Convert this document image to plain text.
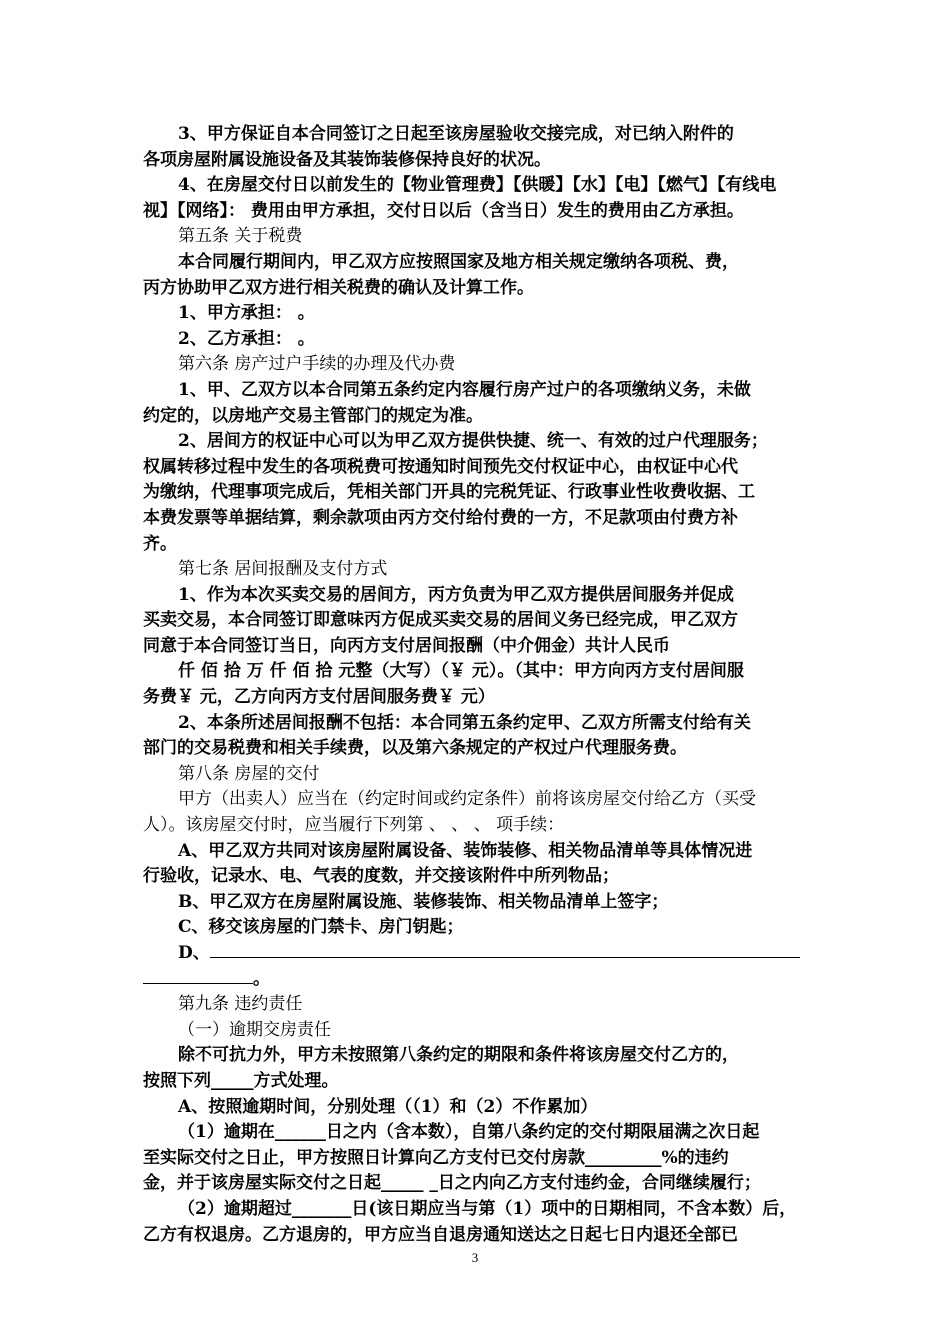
3、甲方保证自本合同签订之日起至该房屋验收交接完成，对已纳入附件的
各项房屋附属设施设备及其装饰装修保持良好的状况。
4、在房屋交付日以前发生的【物业管理费】【供暖】【水】【电】【燃气】【有线电
视】【网络】： 费用由甲方承担，交付日以后（含当日）发生的费用由乙方承担。
第五条 关于税费
本合同履行期间内，甲乙双方应按照国家及地方相关规定缴纳各项税、费，
丙方协助甲乙双方进行相关税费的确认及计算工作。
1、甲方承担： 。
2、乙方承担： 。
第六条 房产过户手续的办理及代办费
1、甲、乙双方以本合同第五条约定内容履行房产过户的各项缴纳义务，未做
约定的，以房地产交易主管部门的规定为准。
2、居间方的权证中心可以为甲乙双方提供快捷、统一、有效的过户代理服务；
权属转移过程中发生的各项税费可按通知时间预先交付权证中心，由权证中心代
为缴纳，代理事项完成后，凭相关部门开具的完税凭证、行政事业性收费收据、工
本费发票等单据结算，剩余款项由丙方交付给付费的一方，不足款项由付费方补
齐。
第七条 居间报酬及支付方式
1、作为本次买卖交易的居间方，丙方负责为甲乙双方提供居间服务并促成
买卖交易，本合同签订即意味丙方促成买卖交易的居间义务已经完成，甲乙双方
同意于本合同签订当日，向丙方支付居间报酬（中介佣金）共计人民币
仟 佰 拾 万 仟 佰 拾 元整（大写）（￥ 元）。（其中：甲方向丙方支付居间服
务费￥ 元，乙方向丙方支付居间服务费￥ 元）
2、本条所述居间报酬不包括：本合同第五条约定甲、乙双方所需支付给有关
部门的交易税费和相关手续费，以及第六条规定的产权过户代理服务费。
第八条 房屋的交付
甲方（出卖人）应当在（约定时间或约定条件）前将该房屋交付给乙方（买受
人）。该房屋交付时，应当履行下列第 、 、 、 项手续：
A、甲乙双方共同对该房屋附属设备、装饰装修、相关物品清单等具体情况进
行验收，记录水、电、气表的度数，并交接该附件中所列物品；
B、甲乙双方在房屋附属设施、装修装饰、相关物品清单上签字；
C、移交该房屋的门禁卡、房门钥匙；
D、
。
第九条 违约责任
（一）逾期交房责任
除不可抗力外，甲方未按照第八条约定的期限和条件将该房屋交付乙方的，
按照下列_____方式处理。
A、按照逾期时间，分别处理（（1）和（2）不作累加）
（1）逾期在______日之内（含本数），自第八条约定的交付期限届满之次日起
至实际交付之日止，甲方按照日计算向乙方支付已交付房款_________%的违约
金，并于该房屋实际交付之日起_____ _日之内向乙方支付违约金，合同继续履行；
（2）逾期超过_______日(该日期应当与第（1）项中的日期相同，不含本数）后，
乙方有权退房。乙方退房的，甲方应当自退房通知送达之日起七日内退还全部已
3
